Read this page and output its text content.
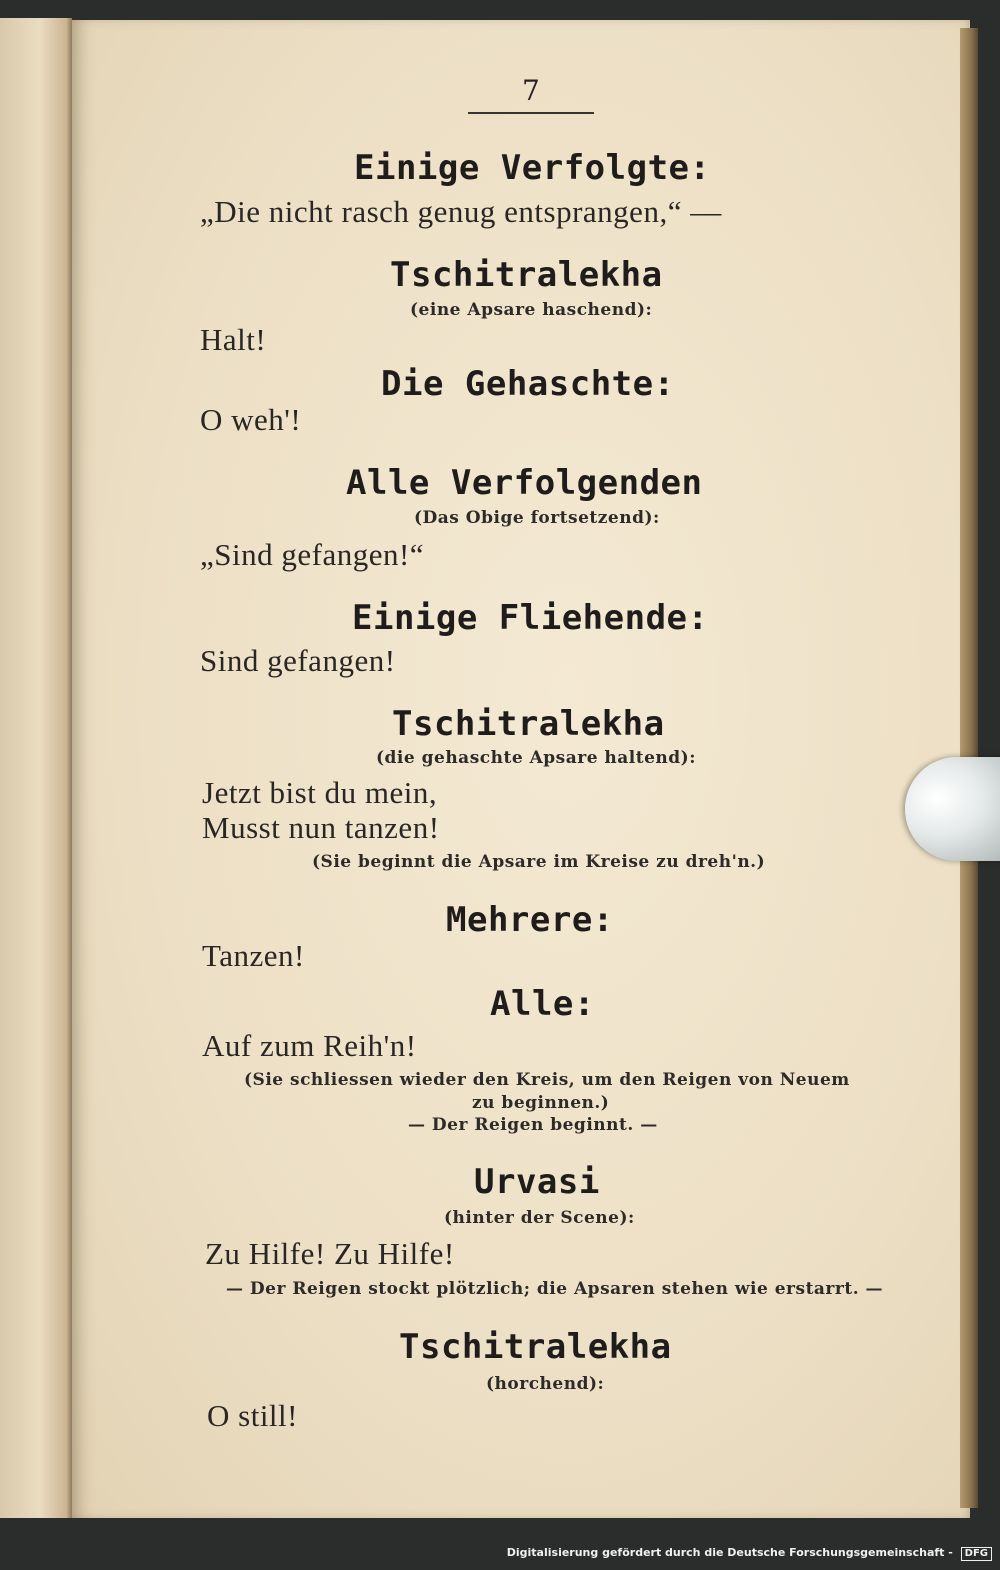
7
Einige Verfolgte:
„Die nicht rasch genug entsprangen,“ —
Tschitralekha
(eine Apsare haschend):
Halt!
Die Gehaschte:
O weh'!
Alle Verfolgenden
(Das Obige fortsetzend):
„Sind gefangen!“
Einige Fliehende:
Sind gefangen!
Tschitralekha
(die gehaschte Apsare haltend):
Jetzt bist du mein,
Musst nun tanzen!
(Sie beginnt die Apsare im Kreise zu dreh'n.)
Mehrere:
Tanzen!
Alle:
Auf zum Reih'n!
(Sie schliessen wieder den Kreis, um den Reigen von Neuem
zu beginnen.)
— Der Reigen beginnt. —
Urvasi
(hinter der Scene):
Zu Hilfe! Zu Hilfe!
— Der Reigen stockt plötzlich; die Apsaren stehen wie erstarrt. —
Tschitralekha
(horchend):
O still!
Digitalisierung gefördert durch die Deutsche Forschungsgemeinschaft - DFG
